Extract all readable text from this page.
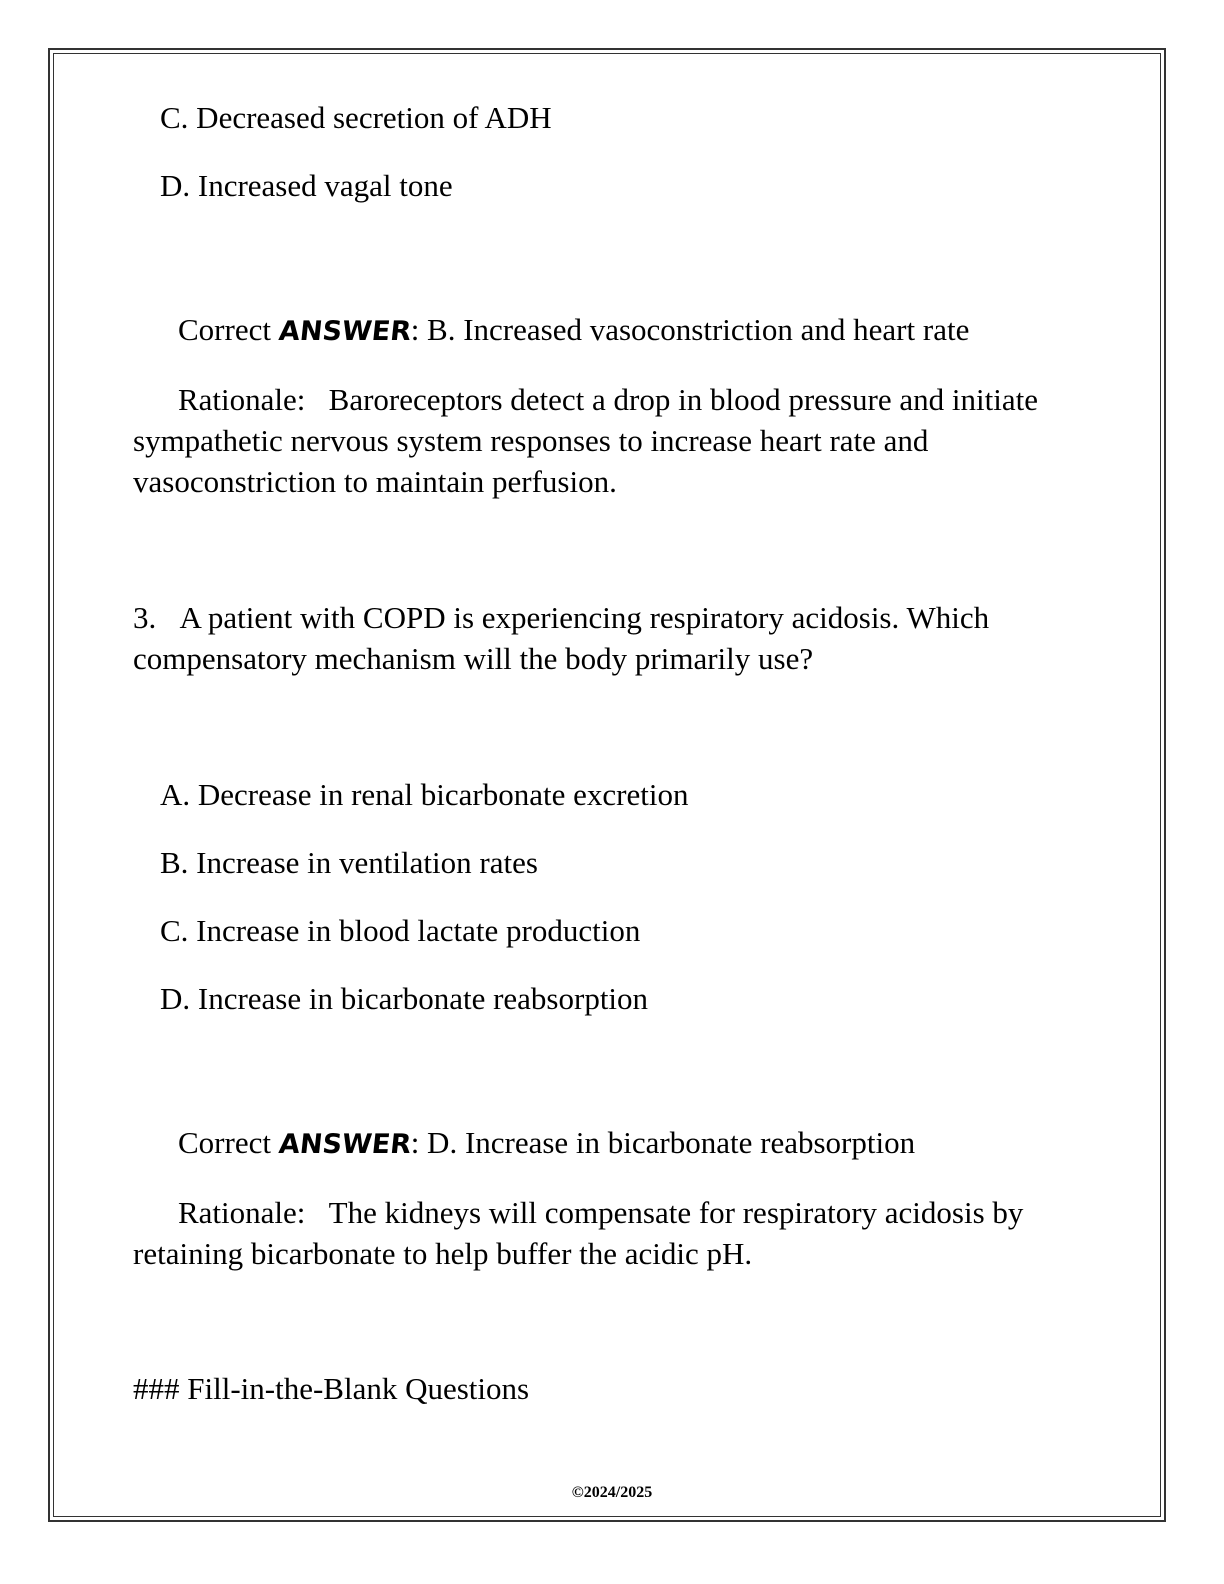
C. Decreased secretion of ADH
D. Increased vagal tone
Correct ANSWER: B. Increased vasoconstriction and heart rate
Rationale: Baroreceptors detect a drop in blood pressure and initiate sympathetic nervous system responses to increase heart rate and vasoconstriction to maintain perfusion.
3. A patient with COPD is experiencing respiratory acidosis. Which compensatory mechanism will the body primarily use?
A. Decrease in renal bicarbonate excretion
B. Increase in ventilation rates
C. Increase in blood lactate production
D. Increase in bicarbonate reabsorption
Correct ANSWER: D. Increase in bicarbonate reabsorption
Rationale: The kidneys will compensate for respiratory acidosis by retaining bicarbonate to help buffer the acidic pH.
### Fill-in-the-Blank Questions
©2024/2025
